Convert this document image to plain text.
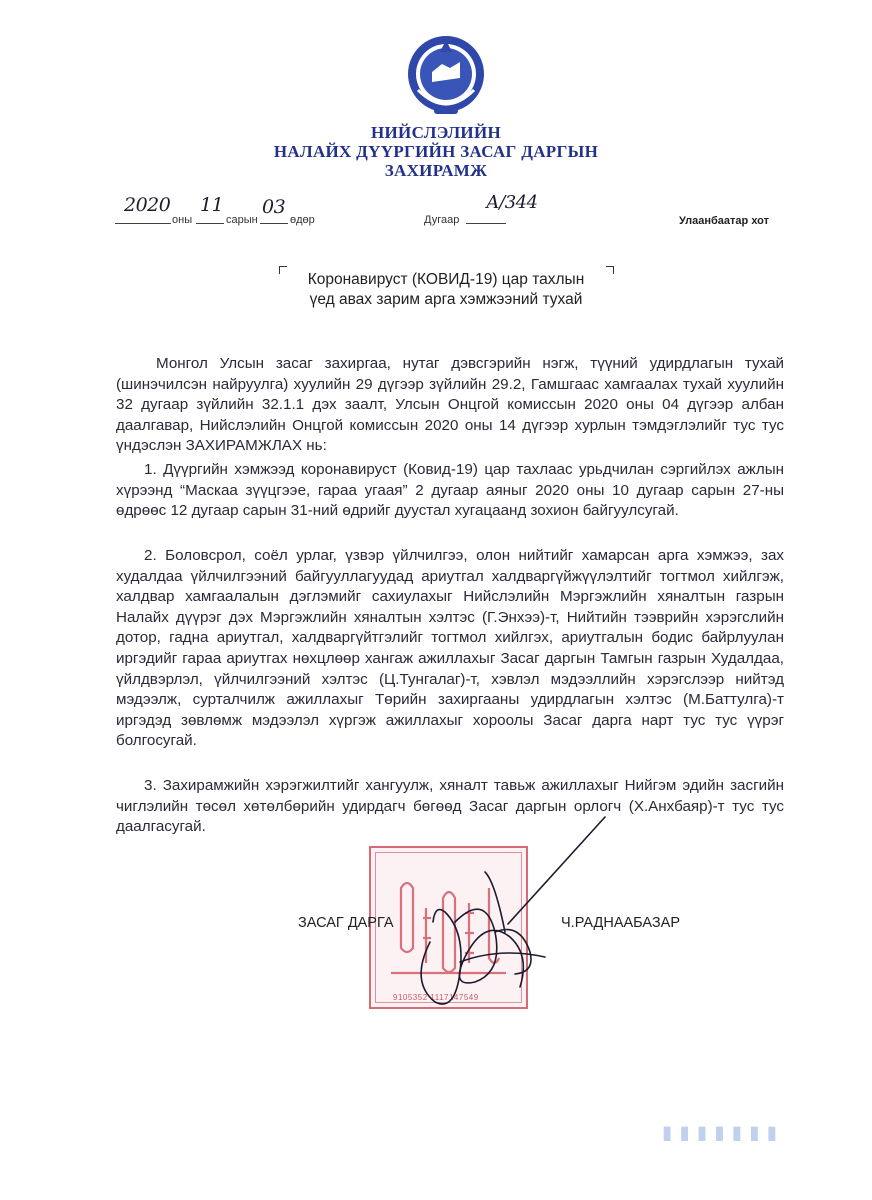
НИЙСЛЭЛИЙН
НАЛАЙХ ДҮҮРГИЙН ЗАСАГ ДАРГЫН
ЗАХИРАМЖ
2020
оны
11
сарын
03
өдөр	Дугаар
А/344
Улаанбаатар хот
Коронавируст (КОВИД-19) цар тахлын
үед авах зарим арга хэмжээний тухай

Монгол Улсын засаг захиргаа, нутаг дэвсгэрийн нэгж, түүний удирдлагын тухай (шинэчилсэн найруулга) хуулийн 29 дүгээр зүйлийн 29.2, Гамшгаас хамгаалах тухай хуулийн 32 дугаар зүйлийн 32.1.1 дэх заалт, Улсын Онцгой комиссын 2020 оны 04 дүгээр албан даалгавар, Нийслэлийн Онцгой комиссын 2020 оны 14 дүгээр хурлын тэмдэглэлийг тус тус үндэслэн ЗАХИРАМЖЛАХ нь:

1. Дүүргийн хэмжээд коронавируст (Ковид-19) цар тахлаас урьдчилан сэргийлэх ажлын хүрээнд “Маскаа зүүцгээе, гараа угаая” 2 дугаар аяныг 2020 оны 10 дугаар сарын 27-ны өдрөөс 12 дугаар сарын 31-ний өдрийг дуустал хугацаанд зохион байгуулсугай.

2. Боловсрол, соёл урлаг, үзвэр үйлчилгээ, олон нийтийг хамарсан арга хэмжээ, зах худалдаа үйлчилгээний байгууллагуудад ариутгал халдваргүйжүүлэлтийг тогтмол хийлгэж, халдвар хамгаалалын дэглэмийг сахиулахыг Нийслэлийн Мэргэжлийн хяналтын газрын Налайх дүүрэг дэх Мэргэжлийн хяналтын хэлтэс (Г.Энхээ)-т, Нийтийн тээврийн хэрэгслийн дотор, гадна ариутгал, халдваргүйтгэлийг тогтмол хийлгэх, ариутгалын бодис байрлуулан иргэдийг гараа ариутгах нөхцлөөр хангаж ажиллахыг Засаг даргын Тамгын газрын Худалдаа, үйлдвэрлэл, үйлчилгээний хэлтэс (Ц.Тунгалаг)-т, хэвлэл мэдээллийн хэрэгслээр нийтэд мэдээлж, сурталчилж ажиллахыг Төрийн захиргааны удирдлагын хэлтэс (М.Баттулга)-т иргэдэд зөвлөмж мэдээлэл хүргэж ажиллахыг хороолы Засаг дарга нарт тус тус үүрэг болгосугай.

3. Захирамжийн хэрэгжилтийг хангуулж, хяналт тавьж ажиллахыг Нийгэм эдийн засгийн чиглэлийн төсөл хөтөлбөрийн удирдагч бөгөөд Засаг даргын орлогч (Х.Анхбаяр)-т тус тус даалгасугай.

9105352 1117147549
ЗАСАГ ДАРГА	Ч.РАДНААБАЗАР
▮▮▮▮▮▮▮
